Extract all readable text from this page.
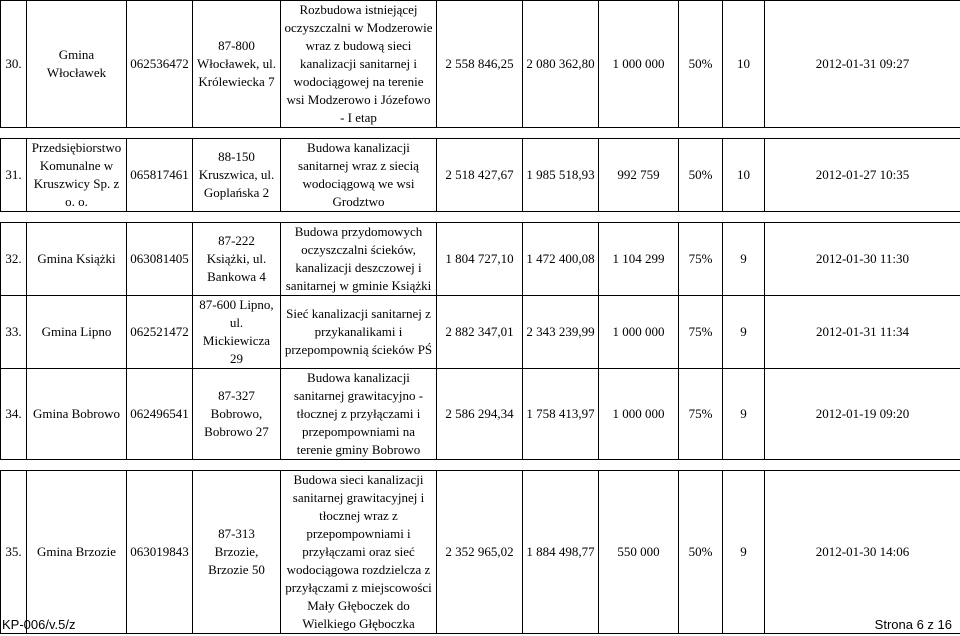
30.	Gmina Włocławek	062536472	87-800 Włocławek, ul. Królewiecka 7	Rozbudowa istniejącej oczyszczalni w Modzerowie wraz z budową sieci kanalizacji sanitarnej i wodociągowej na terenie wsi Modzerowo i Józefowo - I etap	2 558 846,25	2 080 362,80	1 000 000	50%	10	2012-01-31 09:27

31.	Przedsiębiorstwo Komunalne w Kruszwicy Sp. z o. o.	065817461	88-150 Kruszwica, ul. Goplańska 2	Budowa kanalizacji sanitarnej wraz z siecią wodociągową we wsi Grodztwo	2 518 427,67	1 985 518,93	992 759	50%	10	2012-01-27 10:35

32.	Gmina Książki	063081405	87-222 Książki, ul. Bankowa 4	Budowa przydomowych oczyszczalni ścieków, kanalizacji deszczowej i sanitarnej w gminie Książki	1 804 727,10	1 472 400,08	1 104 299	75%	9	2012-01-30 11:30
33.	Gmina Lipno	062521472	87-600 Lipno, ul. Mickiewicza 29	Sieć kanalizacji sanitarnej z przykanalikami i przepompownią ścieków PŚ	2 882 347,01	2 343 239,99	1 000 000	75%	9	2012-01-31 11:34
34.	Gmina Bobrowo	062496541	87-327 Bobrowo, Bobrowo 27	Budowa kanalizacji sanitarnej grawitacyjno - tłocznej z przyłączami i przepompowniami na terenie gminy Bobrowo	2 586 294,34	1 758 413,97	1 000 000	75%	9	2012-01-19 09:20

35.	Gmina Brzozie	063019843	87-313 Brzozie, Brzozie 50	Budowa sieci kanalizacji sanitarnej grawitacyjnej i tłocznej wraz z przepompowniami i przyłączami oraz sieć wodociągowa rozdzielcza z przyłączami z miejscowości Mały Głęboczek do Wielkiego Głęboczka	2 352 965,02	1 884 498,77	550 000	50%	9	2012-01-30 14:06
KP-006/v.5/z	Strona 6 z 16
